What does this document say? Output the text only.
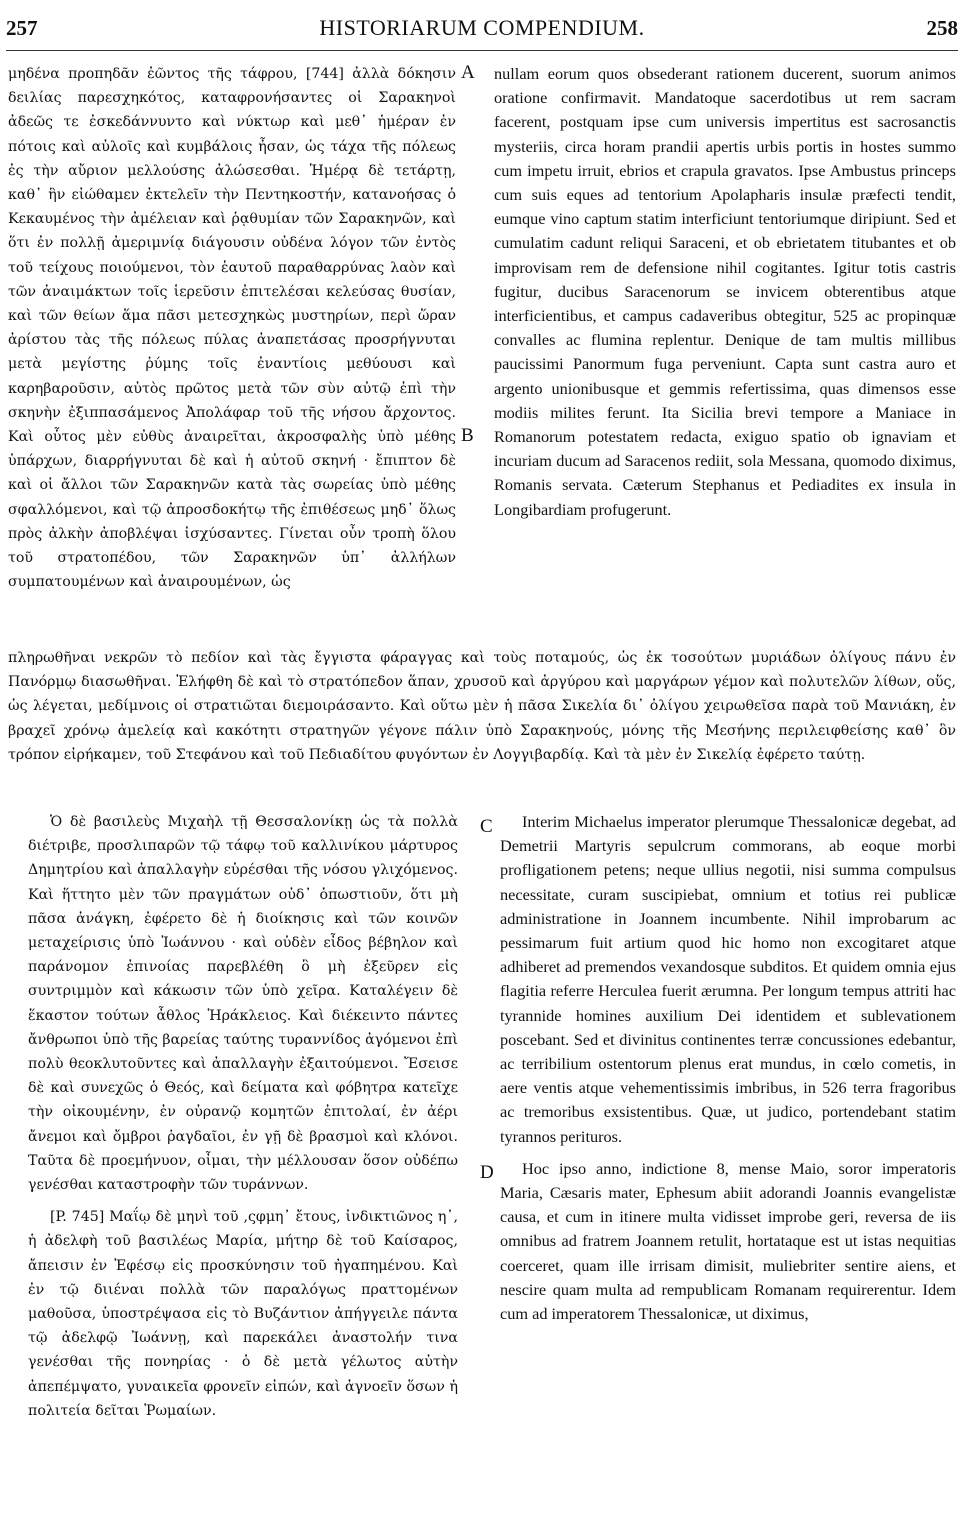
257	HISTORIARUM COMPENDIUM.	258

μηδένα προπηδᾶν ἐῶντος τῆς τάφρου, [744] ἀλλὰ δόκησιν δειλίας παρεσχηκότος, καταφρονήσαντες οἱ Σαρακηνοὶ ἀδεῶς τε ἐσκεδάννυντο καὶ νύκτωρ καὶ μεθ᾽ ἡμέραν ἐν πότοις καὶ αὐλοῖς καὶ κυμβάλοις ἦσαν, ὡς τάχα τῆς πόλεως ἐς τὴν αὔριον μελλούσης ἁλώσεσθαι. Ἡμέρᾳ δὲ τετάρτῃ, καθ᾽ ἣν εἰώθαμεν ἐκτελεῖν τὴν Πεντηκοστήν, κατανοήσας ὁ Κεκαυμένος τὴν ἀμέλειαν καὶ ῥᾳθυμίαν τῶν Σαρακηνῶν, καὶ ὅτι ἐν πολλῇ ἀμεριμνίᾳ διάγουσιν οὐδένα λόγον τῶν ἐντὸς τοῦ τείχους ποιούμενοι, τὸν ἑαυτοῦ παραθαρρύνας λαὸν καὶ τῶν ἀναιμάκτων τοῖς ἱερεῦσιν ἐπιτελέσαι κελεύσας θυσίαν, καὶ τῶν θείων ἅμα πᾶσι μετεσχηκὼς μυστηρίων, περὶ ὥραν ἀρίστου τὰς τῆς πόλεως πύλας ἀναπετάσας προσρήγνυται μετὰ μεγίστης ῥύμης τοῖς ἐναντίοις μεθύουσι καὶ καρηβαροῦσιν, αὐτὸς πρῶτος μετὰ τῶν σὺν αὐτῷ ἐπὶ τὴν σκηνὴν ἐξιππασάμενος Ἀπολάφαρ τοῦ τῆς νήσου ἄρχοντος. Καὶ οὗτος μὲν εὐθὺς ἀναιρεῖται, ἀκροσφαλὴς ὑπὸ μέθης ὑπάρχων, διαρρήγνυται δὲ καὶ ἡ αὐτοῦ σκηνή · ἔπιπτον δὲ καὶ οἱ ἄλλοι τῶν Σαρακηνῶν κατὰ τὰς σωρείας ὑπὸ μέθης σφαλλόμενοι, καὶ τῷ ἀπροσδοκήτῳ τῆς ἐπιθέσεως μηδ᾽ ὅλως πρὸς ἀλκὴν ἀποβλέψαι ἰσχύσαντες. Γίνεται οὖν τροπὴ ὅλου τοῦ στρατοπέδου, τῶν Σαρακηνῶν ὑπ᾽ ἀλλήλων συμπατουμένων καὶ ἀναιρουμένων, ὡς

A
B

nullam eorum quos obsederant rationem ducerent, suorum animos oratione confirmavit. Mandatoque sacerdotibus ut rem sacram facerent, postquam ipse cum universis impertitus est sacrosanctis mysteriis, circa horam prandii apertis urbis portis in hostes summo cum impetu irruit, ebrios et crapula gravatos. Ipse Ambustus princeps cum suis eques ad tentorium Apolapharis insulæ præfecti tendit, eumque vino captum statim interficiunt tentoriumque diripiunt. Sed et cumulatim cadunt reliqui Saraceni, et ob ebrietatem titubantes et ob improvisam rem de defensione nihil cogitantes. Igitur totis castris fugitur, ducibus Saracenorum se invicem obterentibus atque interficientibus, et campus cadaveribus obtegitur, 525 ac propinquæ convalles ac flumina replentur. Denique de tam multis millibus paucissimi Panormum fuga perveniunt. Capta sunt castra auro et argento unionibusque et gemmis refertissima, quas dimensos esse modiis milites ferunt. Ita Sicilia brevi tempore a Maniace in Romanorum potestatem redacta, exiguo spatio ob ignaviam et incuriam ducum ad Saracenos rediit, sola Messana, quomodo diximus, Romanis servata. Cæterum Stephanus et Pediadites ex insula in Longibardiam profugerunt.

πληρωθῆναι νεκρῶν τὸ πεδίον καὶ τὰς ἔγγιστα φάραγγας καὶ τοὺς ποταμούς, ὡς ἐκ τοσούτων μυριάδων ὀλίγους πάνυ ἐν Πανόρμῳ διασωθῆναι. Ἐλήφθη δὲ καὶ τὸ στρατόπεδον ἅπαν, χρυσοῦ καὶ ἀργύρου καὶ μαργάρων γέμον καὶ πολυτελῶν λίθων, οὕς, ὡς λέγεται, μεδίμνοις οἱ στρατιῶται διεμοιράσαντο. Καὶ οὕτω μὲν ἡ πᾶσα Σικελία δι᾽ ὀλίγου χειρωθεῖσα παρὰ τοῦ Μανιάκη, ἐν βραχεῖ χρόνῳ ἀμελείᾳ καὶ κακότητι στρατηγῶν γέγονε πάλιν ὑπὸ Σαρακηνούς, μόνης τῆς Μεσήνης περιλειφθείσης καθ᾽ ὃν τρόπον εἰρήκαμεν, τοῦ Στεφάνου καὶ τοῦ Πεδιαδίτου φυγόντων ἐν Λογγιβαρδίᾳ. Καὶ τὰ μὲν ἐν Σικελίᾳ ἐφέρετο ταύτῃ.

Ὁ δὲ βασιλεὺς Μιχαὴλ τῇ Θεσσαλονίκῃ ὡς τὰ πολλὰ διέτριβε, προσλιπαρῶν τῷ τάφῳ τοῦ καλλινίκου μάρτυρος Δημητρίου καὶ ἀπαλλαγὴν εὑρέσθαι τῆς νόσου γλιχόμενος. Καὶ ἥττητο μὲν τῶν πραγμάτων οὐδ᾽ ὁπωστιοῦν, ὅτι μὴ πᾶσα ἀνάγκη, ἐφέρετο δὲ ἡ διοίκησις καὶ τῶν κοινῶν μεταχείρισις ὑπὸ Ἰωάννου · καὶ οὐδὲν εἶδος βέβηλον καὶ παράνομον ἐπινοίας παρεβλέθη ὃ μὴ ἐξεῦρεν εἰς συντριμμὸν καὶ κάκωσιν τῶν ὑπὸ χεῖρα. Καταλέγειν δὲ ἕκαστον τούτων ἆθλος Ἡράκλειος. Καὶ διέκειντο πάντες ἄνθρωποι ὑπὸ τῆς βαρείας ταύτης τυραννίδος ἀγόμενοι ἐπὶ πολὺ θεοκλυτοῦντες καὶ ἀπαλλαγὴν ἐξαιτούμενοι. Ἔσεισε δὲ καὶ συνεχῶς ὁ Θεός, καὶ δείματα καὶ φόβητρα κατεῖχε τὴν οἰκουμένην, ἐν οὐρανῷ κομητῶν ἐπιτολαί, ἐν ἀέρι ἄνεμοι καὶ ὄμβροι ῥαγδαῖοι, ἐν γῇ δὲ βρασμοὶ καὶ κλόνοι. Ταῦτα δὲ προεμήνυον, οἶμαι, τὴν μέλλουσαν ὅσον οὐδέπω γενέσθαι καταστροφὴν τῶν τυράννων.

[P. 745] Μαΐῳ δὲ μηνὶ τοῦ ,ςφμη᾽ ἔτους, ἰνδικτιῶνος η᾽, ἡ ἀδελφὴ τοῦ βασιλέως Μαρία, μήτηρ δὲ τοῦ Καίσαρος, ἄπεισιν ἐν Ἐφέσῳ εἰς προσκύνησιν τοῦ ἠγαπημένου. Καὶ ἐν τῷ διιέναι πολλὰ τῶν παραλόγως πραττομένων μαθοῦσα, ὑποστρέψασα εἰς τὸ Βυζάντιον ἀπήγγειλε πάντα τῷ ἀδελφῷ Ἰωάννῃ, καὶ παρεκάλει ἀναστολήν τινα γενέσθαι τῆς πονηρίας · ὁ δὲ μετὰ γέλωτος αὐτὴν ἀπεπέμψατο, γυναικεῖα φρονεῖν εἰπών, καὶ ἀγνοεῖν ὅσων ἡ πολιτεία δεῖται Ῥωμαίων.

C
D

Interim Michaelus imperator plerumque Thessalonicæ degebat, ad Demetrii Martyris sepulcrum commorans, ab eoque morbi profligationem petens; neque ullius negotii, nisi summa compulsus necessitate, curam suscipiebat, omnium et totius rei publicæ administratione in Joannem incumbente. Nihil improbarum ac pessimarum fuit artium quod hic homo non excogitaret atque adhiberet ad premendos vexandosque subditos. Et quidem omnia ejus flagitia referre Herculea fuerit ærumna. Per longum tempus attriti hac tyrannide homines auxilium Dei identidem et sublevationem poscebant. Sed et divinitus continentes terræ concussiones edebantur, ac terribilium ostentorum plenus erat mundus, in cœlo cometis, in aere ventis atque vehementissimis imbribus, in 526 terra fragoribus ac tremoribus exsistentibus. Quæ, ut judico, portendebant statim tyrannos perituros.

Hoc ipso anno, indictione 8, mense Maio, soror imperatoris Maria, Cæsaris mater, Ephesum abiit adorandi Joannis evangelistæ causa, et cum in itinere multa vidisset improbe geri, reversa de iis omnibus ad fratrem Joannem retulit, hortataque est ut istas nequitias coerceret, quam ille irrisam dimisit, muliebriter sentire aiens, et nescire quam multa ad rempublicam Romanam requirerentur. Idem cum ad imperatorem Thessalonicæ, ut diximus,
